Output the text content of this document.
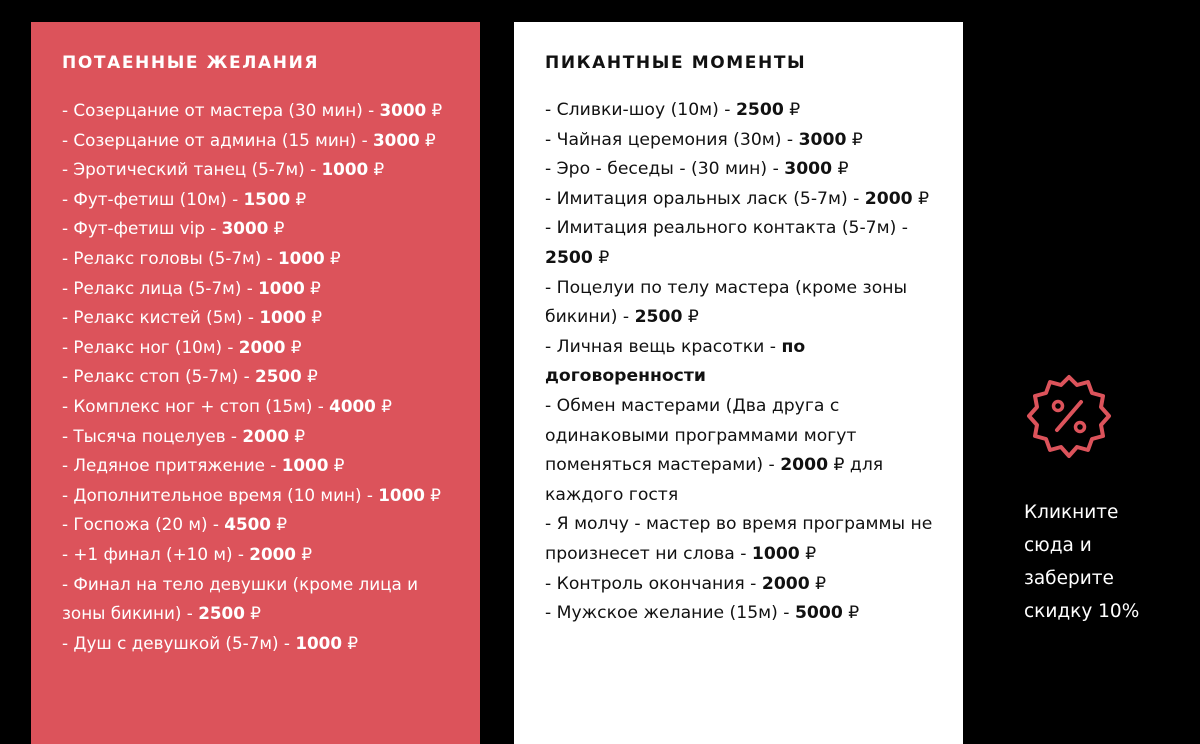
ПОТАЕННЫЕ ЖЕЛАНИЯ
- Созерцание от мастера (30 мин) - 3000 ₽
- Созерцание от админа (15 мин) - 3000 ₽
- Эротический танец (5-7м) - 1000 ₽
- Фут-фетиш (10м) - 1500 ₽
- Фут-фетиш vip - 3000 ₽
- Релакс головы (5-7м) - 1000 ₽
- Релакс лица (5-7м) - 1000 ₽
- Релакс кистей (5м) - 1000 ₽
- Релакс ног (10м) - 2000 ₽
- Релакс стоп (5-7м) - 2500 ₽
- Комплекс ног + стоп (15м) - 4000 ₽
- Тысяча поцелуев - 2000 ₽
- Ледяное притяжение - 1000 ₽
- Дополнительное время (10 мин) - 1000 ₽
- Госпожа (20 м) - 4500 ₽
- +1 финал (+10 м) - 2000 ₽
- Финал на тело девушки (кроме лица и зоны бикини) - 2500 ₽
- Душ с девушкой (5-7м) - 1000 ₽
ПИКАНТНЫЕ МОМЕНТЫ
- Сливки-шоу (10м) - 2500 ₽
- Чайная церемония (30м) - 3000 ₽
- Эро - беседы - (30 мин) - 3000 ₽
- Имитация оральных ласк (5-7м) - 2000 ₽
- Имитация реального контакта (5-7м) - 2500 ₽
- Поцелуи по телу мастера (кроме зоны бикини) - 2500 ₽
- Личная вещь красотки - по договоренности
- Обмен мастерами (Два друга с одинаковыми программами могут поменяться мастерами) - 2000 ₽ для каждого гостя
- Я молчу - мастер во время программы не произнесет ни слова - 1000 ₽
- Контроль окончания - 2000 ₽
- Мужское желание (15м) - 5000 ₽
Кликните сюда и заберите скидку 10%
